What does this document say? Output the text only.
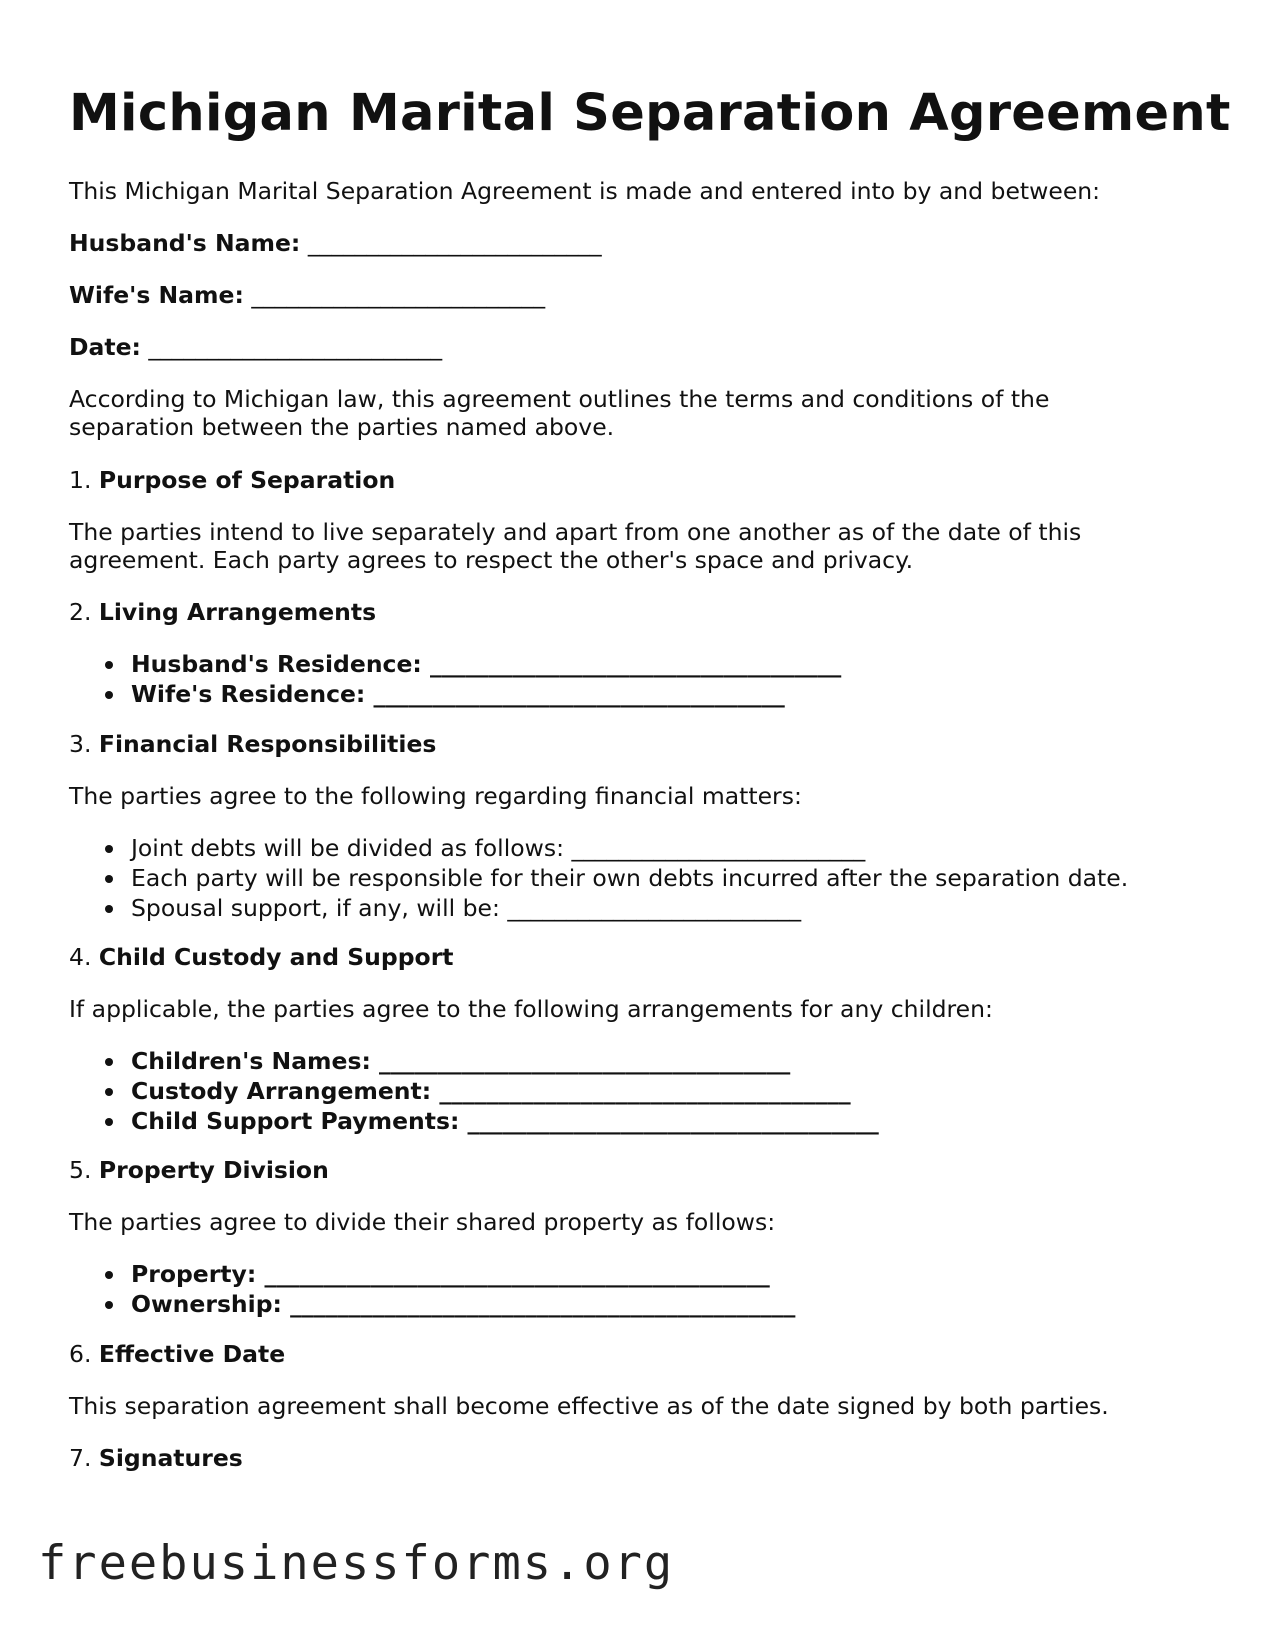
Michigan Marital Separation Agreement

This Michigan Marital Separation Agreement is made and entered into by and between:

Husband's Name: _________________________

Wife's Name: _________________________

Date: _________________________

According to Michigan law, this agreement outlines the terms and conditions of the

separation between the parties named above.

1. Purpose of Separation

The parties intend to live separately and apart from one another as of the date of this

agreement. Each party agrees to respect the other's space and privacy.

2. Living Arrangements

Husband's Residence: ___________________________________
Wife's Residence: ___________________________________

3. Financial Responsibilities

The parties agree to the following regarding financial matters:

Joint debts will be divided as follows: _________________________
Each party will be responsible for their own debts incurred after the separation date.
Spousal support, if any, will be: _________________________

4. Child Custody and Support

If applicable, the parties agree to the following arrangements for any children:

Children's Names: ___________________________________
Custody Arrangement: ___________________________________
Child Support Payments: ___________________________________

5. Property Division

The parties agree to divide their shared property as follows:

Property: ___________________________________________
Ownership: ___________________________________________

6. Effective Date

This separation agreement shall become effective as of the date signed by both parties.

7. Signatures

freebusinessforms.org
